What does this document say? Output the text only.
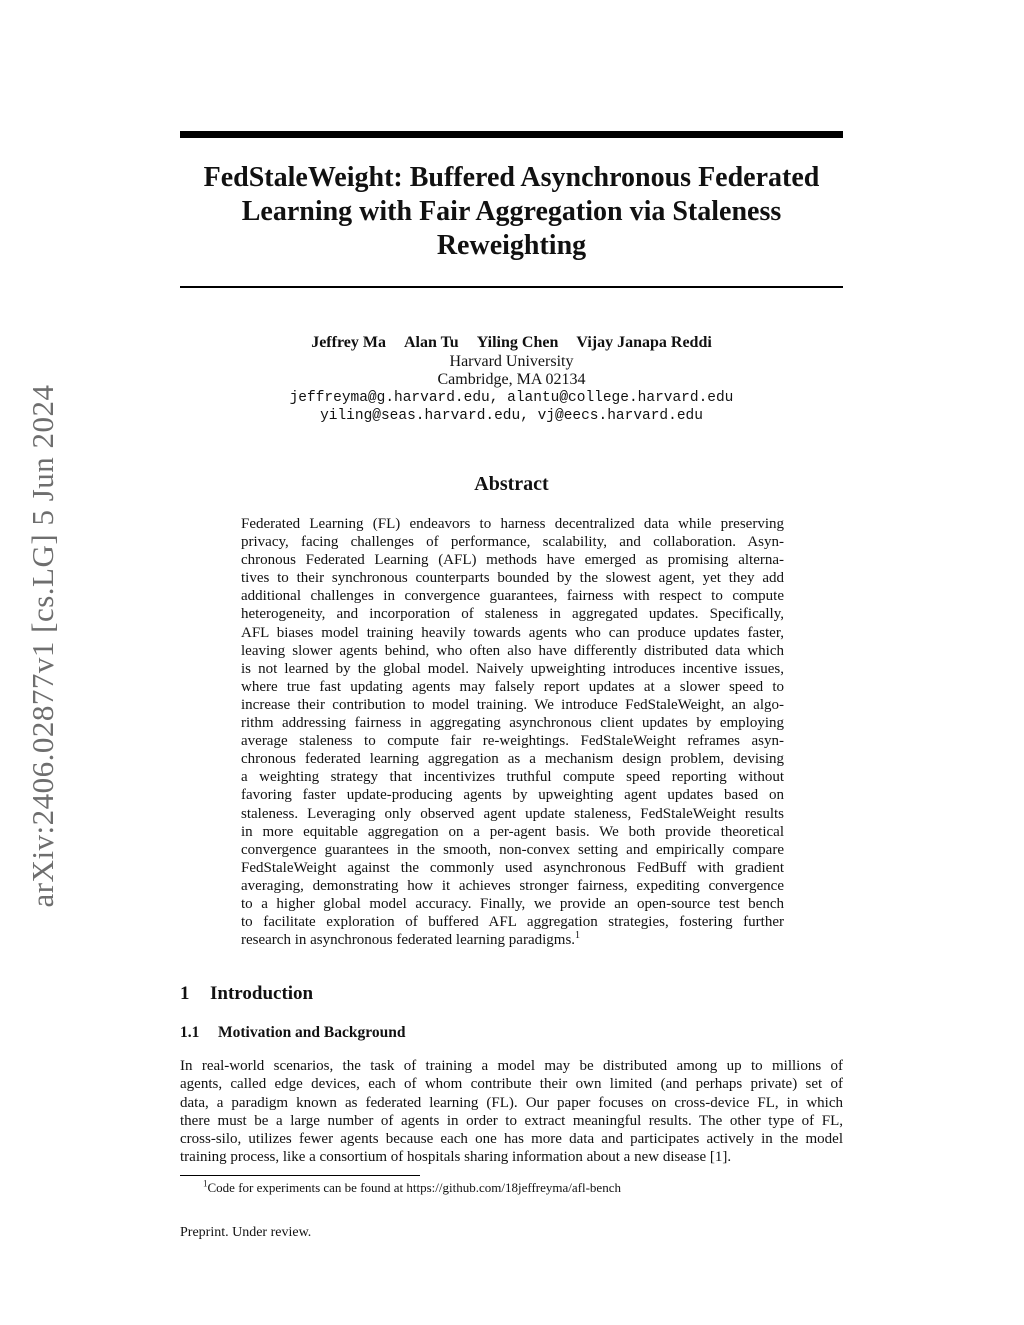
arXiv:2406.02877v1 [cs.LG] 5 Jun 2024
FedStaleWeight: Buffered Asynchronous Federated
Learning with Fair Aggregation via Staleness
Reweighting
Jeffrey Ma Alan Tu Yiling Chen Vijay Janapa Reddi
Harvard University
Cambridge, MA 02134
jeffreyma@g.harvard.edu, alantu@college.harvard.edu
yiling@seas.harvard.edu, vj@eecs.harvard.edu
Abstract
Federated Learning (FL) endeavors to harness decentralized data while preserving
privacy, facing challenges of performance, scalability, and collaboration. Asyn-
chronous Federated Learning (AFL) methods have emerged as promising alterna-
tives to their synchronous counterparts bounded by the slowest agent, yet they add
additional challenges in convergence guarantees, fairness with respect to compute
heterogeneity, and incorporation of staleness in aggregated updates. Specifically,
AFL biases model training heavily towards agents who can produce updates faster,
leaving slower agents behind, who often also have differently distributed data which
is not learned by the global model. Naively upweighting introduces incentive issues,
where true fast updating agents may falsely report updates at a slower speed to
increase their contribution to model training. We introduce FedStaleWeight, an algo-
rithm addressing fairness in aggregating asynchronous client updates by employing
average staleness to compute fair re-weightings. FedStaleWeight reframes asyn-
chronous federated learning aggregation as a mechanism design problem, devising
a weighting strategy that incentivizes truthful compute speed reporting without
favoring faster update-producing agents by upweighting agent updates based on
staleness. Leveraging only observed agent update staleness, FedStaleWeight results
in more equitable aggregation on a per-agent basis. We both provide theoretical
convergence guarantees in the smooth, non-convex setting and empirically compare
FedStaleWeight against the commonly used asynchronous FedBuff with gradient
averaging, demonstrating how it achieves stronger fairness, expediting convergence
to a higher global model accuracy. Finally, we provide an open-source test bench
to facilitate exploration of buffered AFL aggregation strategies, fostering further
research in asynchronous federated learning paradigms.$^1$
1 Introduction
1.1 Motivation and Background
In real-world scenarios, the task of training a model may be distributed among up to millions of
agents, called edge devices, each of whom contribute their own limited (and perhaps private) set of
data, a paradigm known as federated learning (FL). Our paper focuses on cross-device FL, in which
there must be a large number of agents in order to extract meaningful results. The other type of FL,
cross-silo, utilizes fewer agents because each one has more data and participates actively in the model
training process, like a consortium of hospitals sharing information about a new disease [1].
$^1$Code for experiments can be found at https://github.com/18jeffreyma/afl-bench
Preprint. Under review.
